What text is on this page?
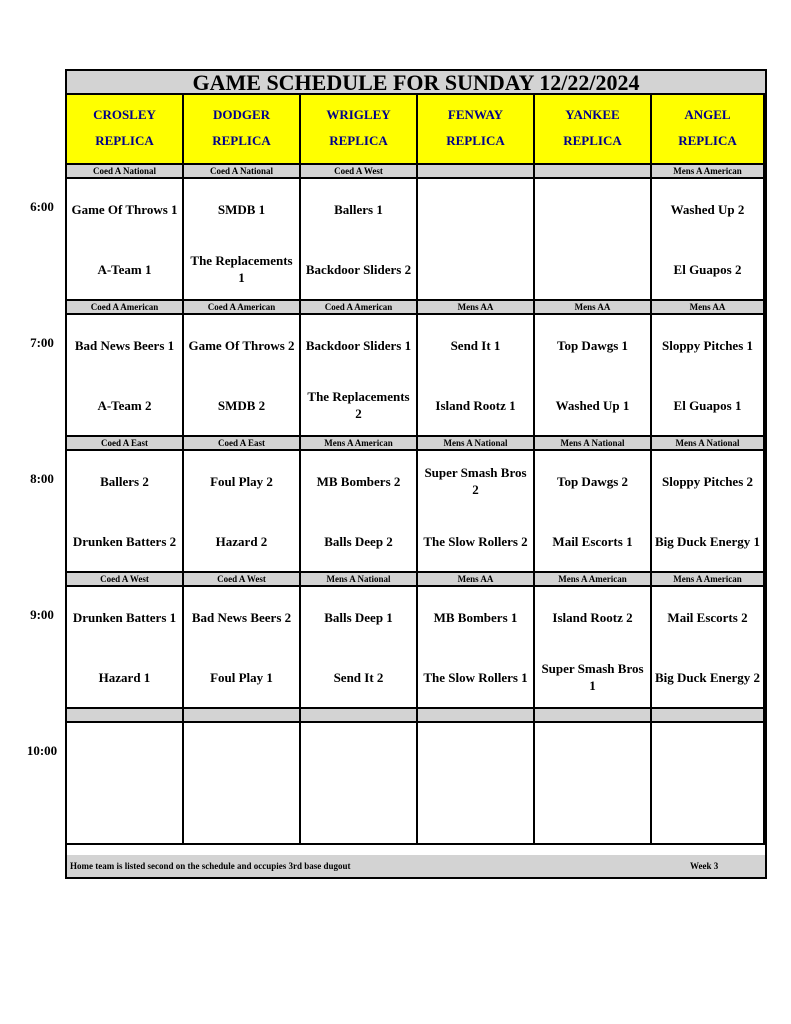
6:00
7:00
8:00
9:00
10:00
GAME SCHEDULE FOR SUNDAY 12/22/2024
CROSLEY
REPLICA
DODGER
REPLICA
WRIGLEY
REPLICA
FENWAY
REPLICA
YANKEE
REPLICA
ANGEL
REPLICA
Coed A National
Game Of Throws 1
A-Team 1
Coed A National
SMDB 1
The Replacements 1
Coed A West
Ballers 1
Backdoor Sliders 2
Mens A American
Washed Up 2
El Guapos 2
Coed A American
Bad News Beers 1
A-Team 2
Coed A American
Game Of Throws 2
SMDB 2
Coed A American
Backdoor Sliders 1
The Replacements 2
Mens AA
Send It 1
Island Rootz 1
Mens AA
Top Dawgs 1
Washed Up 1
Mens AA
Sloppy Pitches 1
El Guapos 1
Coed A East
Ballers 2
Drunken Batters 2
Coed A East
Foul Play 2
Hazard 2
Mens A American
MB Bombers 2
Balls Deep 2
Mens A National
Super Smash Bros 2
The Slow Rollers 2
Mens A National
Top Dawgs 2
Mail Escorts 1
Mens A National
Sloppy Pitches 2
Big Duck Energy 1
Coed A West
Drunken Batters 1
Hazard 1
Coed A West
Bad News Beers 2
Foul Play 1
Mens A National
Balls Deep 1
Send It 2
Mens AA
MB Bombers 1
The Slow Rollers 1
Mens A American
Island Rootz 2
Super Smash Bros 1
Mens A American
Mail Escorts 2
Big Duck Energy 2
Home team is listed second on the schedule and occupies 3rd base dugout	Week 3
